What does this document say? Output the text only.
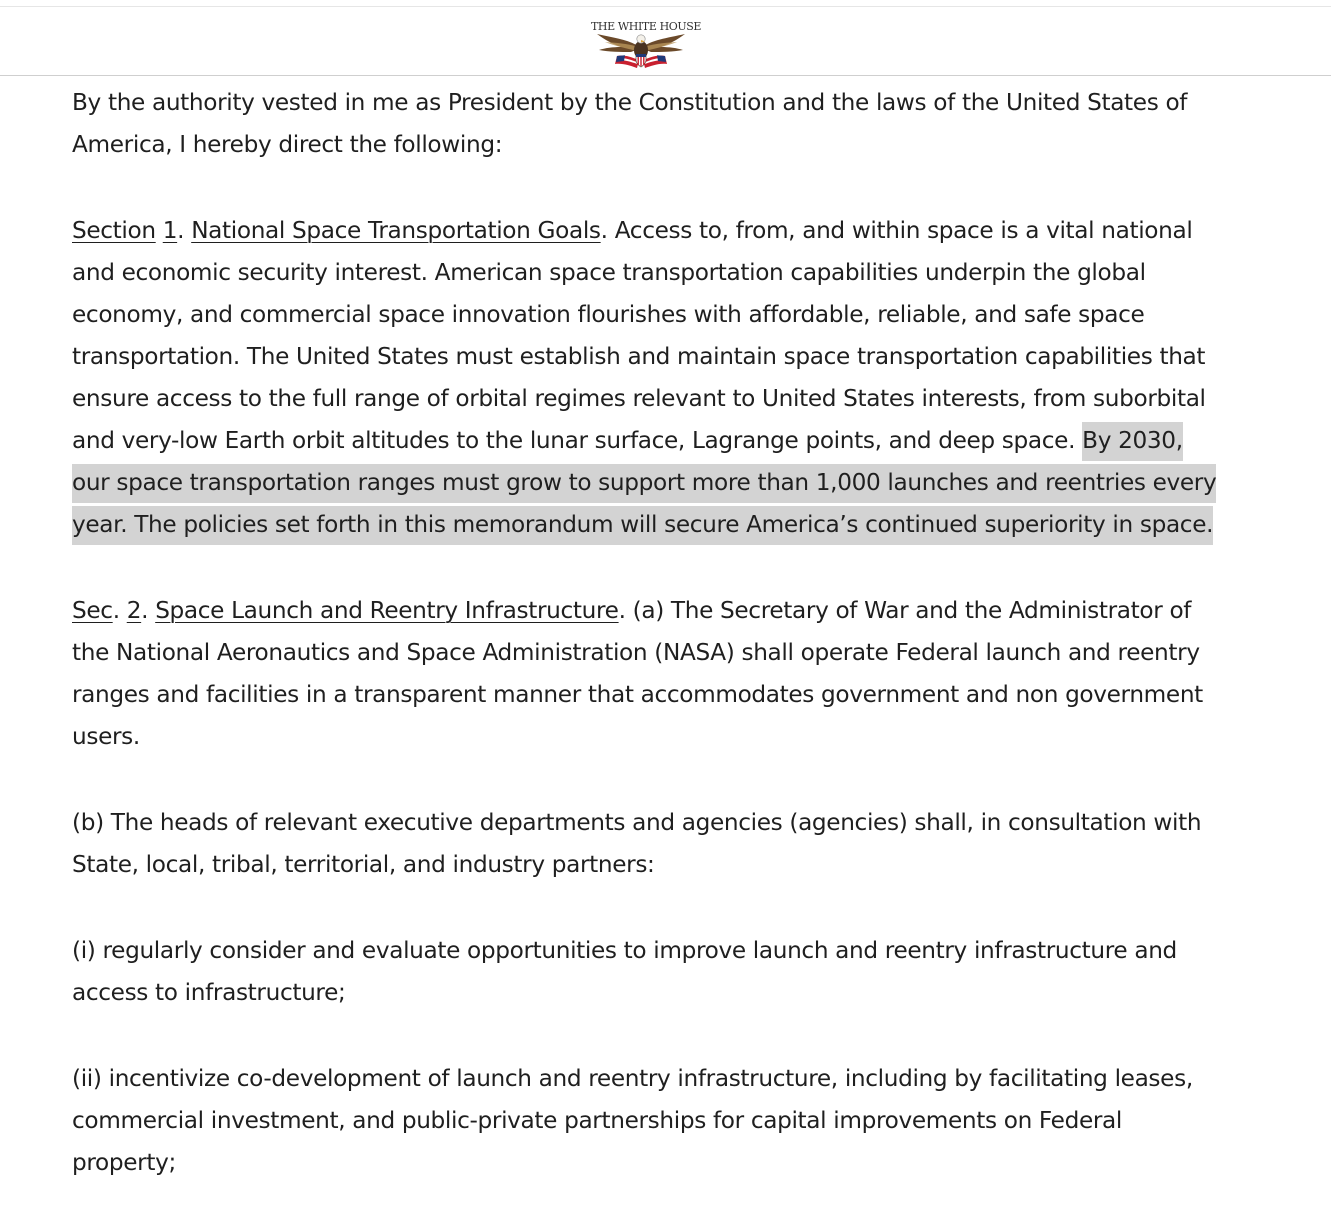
THE WHITE HOUSE

By the authority vested in me as President by the Constitution and the laws of the United States of America, I hereby direct the following:

Section 1. National Space Transportation Goals. Access to, from, and within space is a vital national and economic security interest. American space transportation capabilities underpin the global economy, and commercial space innovation flourishes with affordable, reliable, and safe space transportation. The United States must establish and maintain space transportation capabilities that ensure access to the full range of orbital regimes relevant to United States interests, from suborbital and very-low Earth orbit altitudes to the lunar surface, Lagrange points, and deep space. By 2030, our space transportation ranges must grow to support more than 1,000 launches and reentries every year. The policies set forth in this memorandum will secure America’s continued superiority in space.

Sec. 2. Space Launch and Reentry Infrastructure. (a) The Secretary of War and the Administrator of the National Aeronautics and Space Administration (NASA) shall operate Federal launch and reentry ranges and facilities in a transparent manner that accommodates government and non government users.

(b) The heads of relevant executive departments and agencies (agencies) shall, in consultation with State, local, tribal, territorial, and industry partners:

(i) regularly consider and evaluate opportunities to improve launch and reentry infrastructure and access to infrastructure;

(ii) incentivize co-development of launch and reentry infrastructure, including by facilitating leases, commercial investment, and public-private partnerships for capital improvements on Federal property;
